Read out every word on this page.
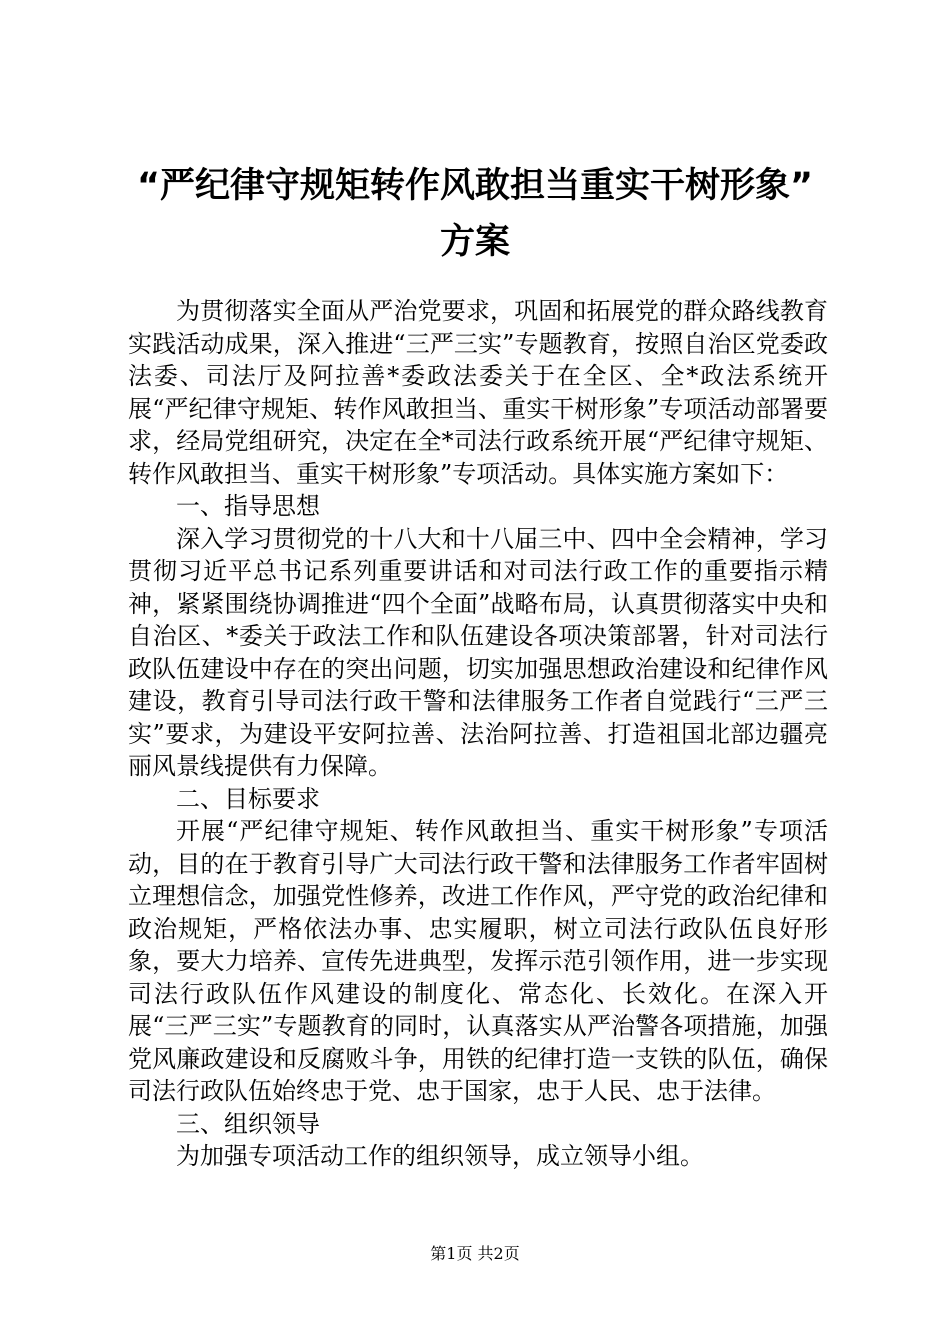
“严纪律守规矩转作风敢担当重实干树形象”
方案

为贯彻落实全面从严治党要求，巩固和拓展党的群众路线教育实践活动成果，深入推进“三严三实”专题教育，按照自治区党委政法委、司法厅及阿拉善*委政法委关于在全区、全*政法系统开展“严纪律守规矩、转作风敢担当、重实干树形象”专项活动部署要求，经局党组研究，决定在全*司法行政系统开展“严纪律守规矩、转作风敢担当、重实干树形象”专项活动。具体实施方案如下：

一、指导思想

深入学习贯彻党的十八大和十八届三中、四中全会精神，学习贯彻习近平总书记系列重要讲话和对司法行政工作的重要指示精神，紧紧围绕协调推进“四个全面”战略布局，认真贯彻落实中央和自治区、*委关于政法工作和队伍建设各项决策部署，针对司法行政队伍建设中存在的突出问题，切实加强思想政治建设和纪律作风建设，教育引导司法行政干警和法律服务工作者自觉践行“三严三实”要求，为建设平安阿拉善、法治阿拉善、打造祖国北部边疆亮丽风景线提供有力保障。

二、目标要求

开展“严纪律守规矩、转作风敢担当、重实干树形象”专项活动，目的在于教育引导广大司法行政干警和法律服务工作者牢固树立理想信念，加强党性修养，改进工作作风，严守党的政治纪律和政治规矩，严格依法办事、忠实履职，树立司法行政队伍良好形象，要大力培养、宣传先进典型，发挥示范引领作用，进一步实现司法行政队伍作风建设的制度化、常态化、长效化。在深入开展“三严三实”专题教育的同时，认真落实从严治警各项措施，加强党风廉政建设和反腐败斗争，用铁的纪律打造一支铁的队伍，确保司法行政队伍始终忠于党、忠于国家，忠于人民、忠于法律。

三、组织领导

为加强专项活动工作的组织领导，成立领导小组。

第1页 共2页
